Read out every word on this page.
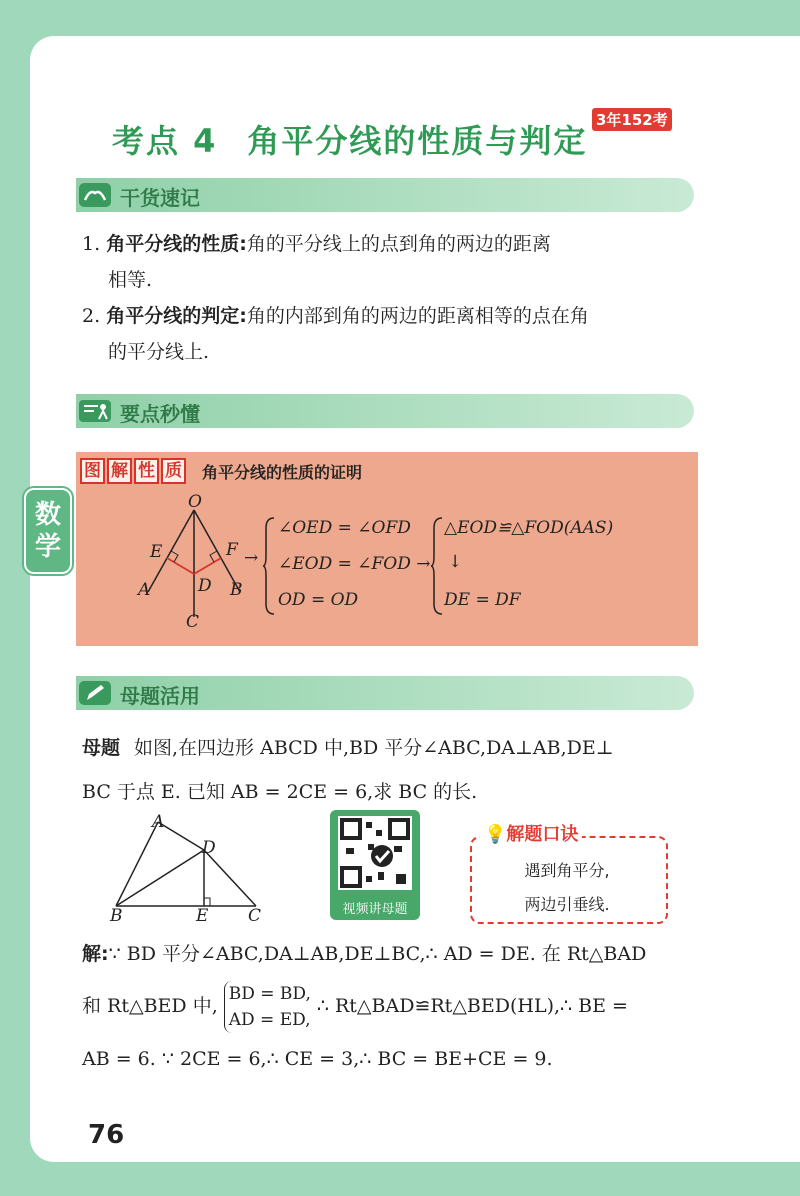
数
学
考点 4 角平分线的性质与判定
3年152考
干货速记
1. 角平分线的性质:角的平分线上的点到角的两边的距离
相等.
2. 角平分线的判定:角的内部到角的两边的距离相等的点在角
的平分线上.
要点秒懂
图 解 性 质 角平分线的性质的证明
O
E	F
A	D B
C
→
∠OED = ∠OFD
∠EOD = ∠FOD →
OD = OD
△EOD≌△FOD(AAS)
↓
DE = DF
母题活用
母题 如图,在四边形 ABCD 中,BD 平分∠ABC,DA⊥AB,DE⊥
BC 于点 E. 已知 AB = 2CE = 6,求 BC 的长.
A
D
B	E C	视频讲母题
💡解题口诀
遇到角平分,
两边引垂线.
解:∵ BD 平分∠ABC,DA⊥AB,DE⊥BC,∴ AD = DE. 在 Rt△BAD
和 Rt△BED 中,BD = BD,
AD = ED,∴ Rt△BAD≌Rt△BED(HL),∴ BE =
AB = 6. ∵ 2CE = 6,∴ CE = 3,∴ BC = BE+CE = 9.
76
